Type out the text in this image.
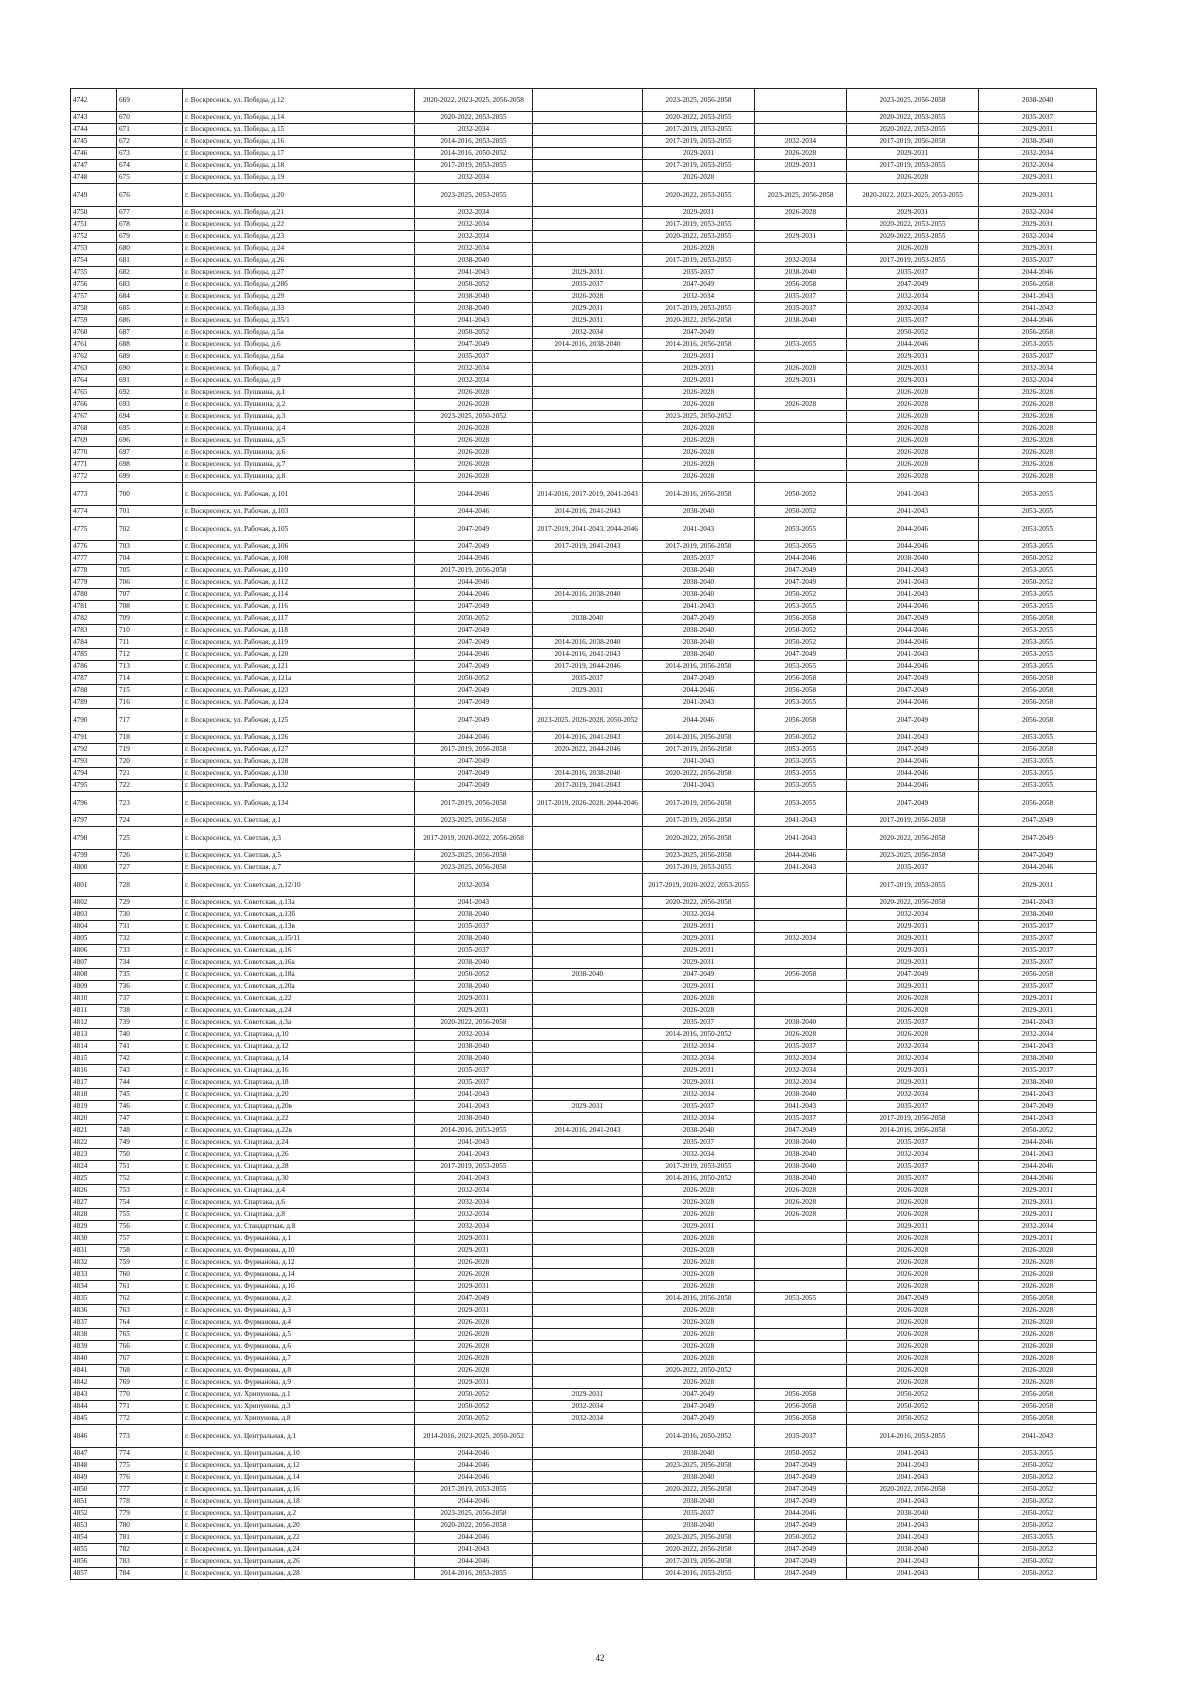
4742	669	г. Воскресенск, ул. Победы, д.12	2020-2022, 2023-2025, 2056-2058		2023-2025, 2056-2058		2023-2025, 2056-2058	2038-2040
4743	670	г. Воскресенск, ул. Победы, д.14	2020-2022, 2053-2055		2020-2022, 2053-2055		2020-2022, 2053-2055	2035-2037
4744	671	г. Воскресенск, ул. Победы, д.15	2032-2034		2017-2019, 2053-2055		2020-2022, 2053-2055	2029-2031
4745	672	г. Воскресенск, ул. Победы, д.16	2014-2016, 2053-2055		2017-2019, 2053-2055	2032-2034	2017-2019, 2056-2058	2038-2040
4746	673	г. Воскресенск, ул. Победы, д.17	2014-2016, 2050-2052		2029-2031	2026-2028	2029-2031	2032-2034
4747	674	г. Воскресенск, ул. Победы, д.18	2017-2019, 2053-2055		2017-2019, 2053-2055	2029-2031	2017-2019, 2053-2055	2032-2034
4748	675	г. Воскресенск, ул. Победы, д.19	2032-2034		2026-2028		2026-2028	2029-2031
4749	676	г. Воскресенск, ул. Победы, д.20	2023-2025, 2053-2055		2020-2022, 2053-2055	2023-2025, 2056-2058	2020-2022, 2023-2025, 2053-2055	2029-2031
4750	677	г. Воскресенск, ул. Победы, д.21	2032-2034		2029-2031	2026-2028	2029-2031	2032-2034
4751	678	г. Воскресенск, ул. Победы, д.22	2032-2034		2017-2019, 2053-2055		2020-2022, 2053-2055	2029-2031
4752	679	г. Воскресенск, ул. Победы, д.23	2032-2034		2020-2022, 2053-2055	2029-2031	2020-2022, 2053-2055	2032-2034
4753	680	г. Воскресенск, ул. Победы, д.24	2032-2034		2026-2028		2026-2028	2029-2031
4754	681	г. Воскресенск, ул. Победы, д.26	2038-2040		2017-2019, 2053-2055	2032-2034	2017-2019, 2053-2055	2035-2037
4755	682	г. Воскресенск, ул. Победы, д.27	2041-2043	2029-2031	2035-2037	2038-2040	2035-2037	2044-2046
4756	683	г. Воскресенск, ул. Победы, д.28б	2050-2052	2035-2037	2047-2049	2056-2058	2047-2049	2056-2058
4757	684	г. Воскресенск, ул. Победы, д.29	2038-2040	2026-2028	2032-2034	2035-2037	2032-2034	2041-2043
4758	685	г. Воскресенск, ул. Победы, д.33	2038-2040	2029-2031	2017-2019, 2053-2055	2035-2037	2032-2034	2041-2043
4759	686	г. Воскресенск, ул. Победы, д.35/1	2041-2043	2029-2031	2020-2022, 2056-2058	2038-2040	2035-2037	2044-2046
4760	687	г. Воскресенск, ул. Победы, д.5а	2050-2052	2032-2034	2047-2049		2050-2052	2056-2058
4761	688	г. Воскресенск, ул. Победы, д.6	2047-2049	2014-2016, 2038-2040	2014-2016, 2056-2058	2053-2055	2044-2046	2053-2055
4762	689	г. Воскресенск, ул. Победы, д.6а	2035-2037		2029-2031		2029-2031	2035-2037
4763	690	г. Воскресенск, ул. Победы, д.7	2032-2034		2029-2031	2026-2028	2029-2031	2032-2034
4764	691	г. Воскресенск, ул. Победы, д.9	2032-2034		2029-2031	2029-2031	2029-2031	2032-2034
4765	692	г. Воскресенск, ул. Пушкина, д.1	2026-2028		2026-2028		2026-2028	2026-2028
4766	693	г. Воскресенск, ул. Пушкина, д.2	2026-2028		2026-2028	2026-2028	2026-2028	2026-2028
4767	694	г. Воскресенск, ул. Пушкина, д.3	2023-2025, 2050-2052		2023-2025, 2050-2052		2026-2028	2026-2028
4768	695	г. Воскресенск, ул. Пушкина, д.4	2026-2028		2026-2028		2026-2028	2026-2028
4769	696	г. Воскресенск, ул. Пушкина, д.5	2026-2028		2026-2028		2026-2028	2026-2028
4770	697	г. Воскресенск, ул. Пушкина, д.6	2026-2028		2026-2028		2026-2028	2026-2028
4771	698	г. Воскресенск, ул. Пушкина, д.7	2026-2028		2026-2028		2026-2028	2026-2028
4772	699	г. Воскресенск, ул. Пушкина, д.8	2026-2028		2026-2028		2026-2028	2026-2028
4773	700	г. Воскресенск, ул. Рабочая, д.101	2044-2046	2014-2016, 2017-2019, 2041-2043	2014-2016, 2056-2058	2050-2052	2041-2043	2053-2055
4774	701	г. Воскресенск, ул. Рабочая, д.103	2044-2046	2014-2016, 2041-2043	2038-2040	2050-2052	2041-2043	2053-2055
4775	702	г. Воскресенск, ул. Рабочая, д.105	2047-2049	2017-2019, 2041-2043, 2044-2046	2041-2043	2053-2055	2044-2046	2053-2055
4776	703	г. Воскресенск, ул. Рабочая, д.106	2047-2049	2017-2019, 2041-2043	2017-2019, 2056-2058	2053-2055	2044-2046	2053-2055
4777	704	г. Воскресенск, ул. Рабочая, д.108	2044-2046		2035-2037	2044-2046	2038-2040	2050-2052
4778	705	г. Воскресенск, ул. Рабочая, д.110	2017-2019, 2056-2058		2038-2040	2047-2049	2041-2043	2053-2055
4779	706	г. Воскресенск, ул. Рабочая, д.112	2044-2046		2038-2040	2047-2049	2041-2043	2050-2052
4780	707	г. Воскресенск, ул. Рабочая, д.114	2044-2046	2014-2016, 2038-2040	2038-2040	2050-2052	2041-2043	2053-2055
4781	708	г. Воскресенск, ул. Рабочая, д.116	2047-2049		2041-2043	2053-2055	2044-2046	2053-2055
4782	709	г. Воскресенск, ул. Рабочая, д.117	2050-2052	2038-2040	2047-2049	2056-2058	2047-2049	2056-2058
4783	710	г. Воскресенск, ул. Рабочая, д.118	2047-2049		2038-2040	2050-2052	2044-2046	2053-2055
4784	711	г. Воскресенск, ул. Рабочая, д.119	2047-2049	2014-2016, 2038-2040	2038-2040	2050-2052	2044-2046	2053-2055
4785	712	г. Воскресенск, ул. Рабочая, д.120	2044-2046	2014-2016, 2041-2043	2038-2040	2047-2049	2041-2043	2053-2055
4786	713	г. Воскресенск, ул. Рабочая, д.121	2047-2049	2017-2019, 2044-2046	2014-2016, 2056-2058	2053-2055	2044-2046	2053-2055
4787	714	г. Воскресенск, ул. Рабочая, д.121а	2050-2052	2035-2037	2047-2049	2056-2058	2047-2049	2056-2058
4788	715	г. Воскресенск, ул. Рабочая, д.123	2047-2049	2029-2031	2044-2046	2056-2058	2047-2049	2056-2058
4789	716	г. Воскресенск, ул. Рабочая, д.124	2047-2049		2041-2043	2053-2055	2044-2046	2056-2058
4790	717	г. Воскресенск, ул. Рабочая, д.125	2047-2049	2023-2025, 2026-2028, 2050-2052	2044-2046	2056-2058	2047-2049	2056-2058
4791	718	г. Воскресенск, ул. Рабочая, д.126	2044-2046	2014-2016, 2041-2043	2014-2016, 2056-2058	2050-2052	2041-2043	2053-2055
4792	719	г. Воскресенск, ул. Рабочая, д.127	2017-2019, 2056-2058	2020-2022, 2044-2046	2017-2019, 2056-2058	2053-2055	2047-2049	2056-2058
4793	720	г. Воскресенск, ул. Рабочая, д.128	2047-2049		2041-2043	2053-2055	2044-2046	2053-2055
4794	721	г. Воскресенск, ул. Рабочая, д.130	2047-2049	2014-2016, 2038-2040	2020-2022, 2056-2058	2053-2055	2044-2046	2053-2055
4795	722	г. Воскресенск, ул. Рабочая, д.132	2047-2049	2017-2019, 2041-2043	2041-2043	2053-2055	2044-2046	2053-2055
4796	723	г. Воскресенск, ул. Рабочая, д.134	2017-2019, 2056-2058	2017-2019, 2026-2028, 2044-2046	2017-2019, 2056-2058	2053-2055	2047-2049	2056-2058
4797	724	г. Воскресенск, ул. Светлая, д.1	2023-2025, 2056-2058		2017-2019, 2056-2058	2041-2043	2017-2019, 2056-2058	2047-2049
4798	725	г. Воскресенск, ул. Светлая, д.3	2017-2019, 2020-2022, 2056-2058		2020-2022, 2056-2058	2041-2043	2020-2022, 2056-2058	2047-2049
4799	726	г. Воскресенск, ул. Светлая, д.5	2023-2025, 2056-2058		2023-2025, 2056-2058	2044-2046	2023-2025, 2056-2058	2047-2049
4800	727	г. Воскресенск, ул. Светлая, д.7	2023-2025, 2056-2058		2017-2019, 2053-2055	2041-2043	2035-2037	2044-2046
4801	728	г. Воскресенск, ул. Советская, д.12/10	2032-2034		2017-2019, 2020-2022, 2053-2055		2017-2019, 2053-2055	2029-2031
4802	729	г. Воскресенск, ул. Советская, д.13а	2041-2043		2020-2022, 2056-2058		2020-2022, 2056-2058	2041-2043
4803	730	г. Воскресенск, ул. Советская, д.13б	2038-2040		2032-2034		2032-2034	2038-2040
4804	731	г. Воскресенск, ул. Советская, д.13в	2035-2037		2029-2031		2029-2031	2035-2037
4805	732	г. Воскресенск, ул. Советская, д.15/11	2038-2040		2029-2031	2032-2034	2029-2031	2035-2037
4806	733	г. Воскресенск, ул. Советская, д.16	2035-2037		2029-2031		2029-2031	2035-2037
4807	734	г. Воскресенск, ул. Советская, д.16а	2038-2040		2029-2031		2029-2031	2035-2037
4808	735	г. Воскресенск, ул. Советская, д.18а	2050-2052	2038-2040	2047-2049	2056-2058	2047-2049	2056-2058
4809	736	г. Воскресенск, ул. Советская, д.20а	2038-2040		2029-2031		2029-2031	2035-2037
4810	737	г. Воскресенск, ул. Советская, д.22	2029-2031		2026-2028		2026-2028	2029-2031
4811	738	г. Воскресенск, ул. Советская, д.24	2029-2031		2026-2028		2026-2028	2029-2031
4812	739	г. Воскресенск, ул. Советская, д.3а	2020-2022, 2056-2058		2035-2037	2038-2040	2035-2037	2041-2043
4813	740	г. Воскресенск, ул. Спартака, д.10	2032-2034		2014-2016, 2050-2052	2026-2028	2026-2028	2032-2034
4814	741	г. Воскресенск, ул. Спартака, д.12	2038-2040		2032-2034	2035-2037	2032-2034	2041-2043
4815	742	г. Воскресенск, ул. Спартака, д.14	2038-2040		2032-2034	2032-2034	2032-2034	2038-2040
4816	743	г. Воскресенск, ул. Спартака, д.16	2035-2037		2029-2031	2032-2034	2029-2031	2035-2037
4817	744	г. Воскресенск, ул. Спартака, д.18	2035-2037		2029-2031	2032-2034	2029-2031	2038-2040
4818	745	г. Воскресенск, ул. Спартака, д.20	2041-2043		2032-2034	2038-2040	2032-2034	2041-2043
4819	746	г. Воскресенск, ул. Спартака, д.20в	2041-2043	2029-2031	2035-2037	2041-2043	2035-2037	2047-2049
4820	747	г. Воскресенск, ул. Спартака, д.22	2038-2040		2032-2034	2035-2037	2017-2019, 2056-2058	2041-2043
4821	748	г. Воскресенск, ул. Спартака, д.22в	2014-2016, 2053-2055	2014-2016, 2041-2043	2038-2040	2047-2049	2014-2016, 2056-2058	2050-2052
4822	749	г. Воскресенск, ул. Спартака, д.24	2041-2043		2035-2037	2038-2040	2035-2037	2044-2046
4823	750	г. Воскресенск, ул. Спартака, д.26	2041-2043		2032-2034	2038-2040	2032-2034	2041-2043
4824	751	г. Воскресенск, ул. Спартака, д.28	2017-2019, 2053-2055		2017-2019, 2053-2055	2038-2040	2035-2037	2044-2046
4825	752	г. Воскресенск, ул. Спартака, д.30	2041-2043		2014-2016, 2050-2052	2038-2040	2035-2037	2044-2046
4826	753	г. Воскресенск, ул. Спартака, д.4	2032-2034		2026-2028	2026-2028	2026-2028	2029-2031
4827	754	г. Воскресенск, ул. Спартака, д.6	2032-2034		2026-2028	2026-2028	2026-2028	2029-2031
4828	755	г. Воскресенск, ул. Спартака, д.8	2032-2034		2026-2028	2026-2028	2026-2028	2029-2031
4829	756	г. Воскресенск, ул. Стандартная, д.8	2032-2034		2029-2031		2029-2031	2032-2034
4830	757	г. Воскресенск, ул. Фурманова, д.1	2029-2031		2026-2028		2026-2028	2029-2031
4831	758	г. Воскресенск, ул. Фурманова, д.10	2029-2031		2026-2028		2026-2028	2026-2028
4832	759	г. Воскресенск, ул. Фурманова, д.12	2026-2028		2026-2028		2026-2028	2026-2028
4833	760	г. Воскресенск, ул. Фурманова, д.14	2026-2028		2026-2028		2026-2028	2026-2028
4834	761	г. Воскресенск, ул. Фурманова, д.16	2029-2031		2026-2028		2026-2028	2026-2028
4835	762	г. Воскресенск, ул. Фурманова, д.2	2047-2049		2014-2016, 2056-2058	2053-2055	2047-2049	2056-2058
4836	763	г. Воскресенск, ул. Фурманова, д.3	2029-2031		2026-2028		2026-2028	2026-2028
4837	764	г. Воскресенск, ул. Фурманова, д.4	2026-2028		2026-2028		2026-2028	2026-2028
4838	765	г. Воскресенск, ул. Фурманова, д.5	2026-2028		2026-2028		2026-2028	2026-2028
4839	766	г. Воскресенск, ул. Фурманова, д.6	2026-2028		2026-2028		2026-2028	2026-2028
4840	767	г. Воскресенск, ул. Фурманова, д.7	2026-2028		2026-2028		2026-2028	2026-2028
4841	768	г. Воскресенск, ул. Фурманова, д.8	2026-2028		2020-2022, 2050-2052		2026-2028	2026-2028
4842	769	г. Воскресенск, ул. Фурманова, д.9	2029-2031		2026-2028		2026-2028	2026-2028
4843	770	г. Воскресенск, ул. Хрипунова, д.1	2050-2052	2029-2031	2047-2049	2056-2058	2050-2052	2056-2058
4844	771	г. Воскресенск, ул. Хрипунова, д.3	2050-2052	2032-2034	2047-2049	2056-2058	2050-2052	2056-2058
4845	772	г. Воскресенск, ул. Хрипунова, д.8	2050-2052	2032-2034	2047-2049	2056-2058	2050-2052	2056-2058
4846	773	г. Воскресенск, ул. Центральная, д.1	2014-2016, 2023-2025, 2050-2052		2014-2016, 2050-2052	2035-2037	2014-2016, 2053-2055	2041-2043
4847	774	г. Воскресенск, ул. Центральная, д.10	2044-2046		2038-2040	2050-2052	2041-2043	2053-2055
4848	775	г. Воскресенск, ул. Центральная, д.12	2044-2046		2023-2025, 2056-2058	2047-2049	2041-2043	2050-2052
4849	776	г. Воскресенск, ул. Центральная, д.14	2044-2046		2038-2040	2047-2049	2041-2043	2050-2052
4850	777	г. Воскресенск, ул. Центральная, д.16	2017-2019, 2053-2055		2020-2022, 2056-2058	2047-2049	2020-2022, 2056-2058	2050-2052
4851	778	г. Воскресенск, ул. Центральная, д.18	2044-2046		2038-2040	2047-2049	2041-2043	2050-2052
4852	779	г. Воскресенск, ул. Центральная, д.2	2023-2025, 2056-2058		2035-2037	2044-2046	2038-2040	2050-2052
4853	780	г. Воскресенск, ул. Центральная, д.20	2020-2022, 2056-2058		2038-2040	2047-2049	2041-2043	2050-2052
4854	781	г. Воскресенск, ул. Центральная, д.22	2044-2046		2023-2025, 2056-2058	2050-2052	2041-2043	2053-2055
4855	782	г. Воскресенск, ул. Центральная, д.24	2041-2043		2020-2022, 2056-2058	2047-2049	2038-2040	2050-2052
4856	783	г. Воскресенск, ул. Центральная, д.26	2044-2046		2017-2019, 2056-2058	2047-2049	2041-2043	2050-2052
4857	784	г. Воскресенск, ул. Центральная, д.28	2014-2016, 2053-2055		2014-2016, 2053-2055	2047-2049	2041-2043	2050-2052
42
